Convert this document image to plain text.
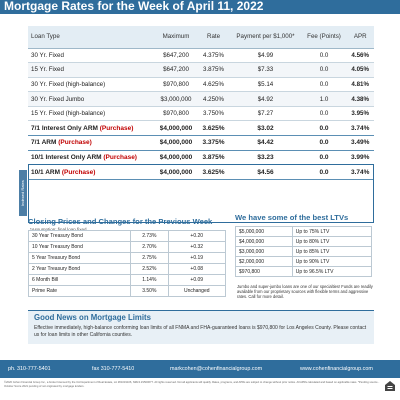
Mortgage Rates for the Week of April 11, 2022
Loan Type	Maximum	Rate	Payment per $1,000*	Fee (Points)	APR
30 Yr. Fixed	$647,200	4.375%	$4.99	0.0	4.56%
15 Yr. Fixed	$647,200	3.875%	$7.33	0.0	4.05%
30 Yr. Fixed (high-balance)	$970,800	4.625%	$5.14	0.0	4.81%
30 Yr. Fixed Jumbo	$3,000,000	4.250%	$4.92	1.0	4.38%
15 Yr. Fixed (high-balance)	$970,800	3.750%	$7.27	0.0	3.95%
7/1 Interest Only ARM (Purchase)	$4,000,000	3.625%	$3.02	0.0	3.74%
7/1 ARM (Purchase)	$4,000,000	3.375%	$4.42	0.0	3.49%
10/1 Interest Only ARM (Purchase)	$4,000,000	3.875%	$3.23	0.0	3.99%
10/1 ARM (Purchase)	$4,000,000	3.625%	$4.56	0.0	3.74%
Indexed Rates
*Assumption: final loan fixed
Closing Prices and Changes for the Previous Week
30 Year Treasury Bond	2.73%	+0.20
10 Year Treasury Bond	2.70%	+0.32
5 Year Treasury Bond	2.75%	+0.19
2 Year Treasury Bond	2.52%	+0.08
6 Month Bill	1.14%	+0.09
Prime Rate	3.50%	Unchanged
We have some of the best LTVs
$5,000,000	Up to 75% LTV
$4,000,000	Up to 80% LTV
$3,000,000	Up to 85% LTV
$2,000,000	Up to 90% LTV
$970,800	Up to 96.5% LTV
Jumbo and super-jumbo loans are one of our specialties! Funds are readily available from our proprietary sources with flexible terms and aggressive rates. Call for more detail.
Good News on Mortgage Limits
Effective immediately, high-balance conforming loan limits of all FNMA and FHA-guaranteed loans is $970,800 for Los Angeles County. Please contact us for loan limits in other California counties.
ph. 310-777-5401	fax 310-777-5410	markcohen@cohenfinancialgroup.com	www.cohenfinancialgroup.com
©2020 Cohen Financial Group Inc., a broker licensed by the CA Department of Real Estate, Lic #01019106, NMLS #1500677. All rights reserved. Not all applicants will qualify. Rates, programs, and APRs are subject to change without prior notice. All APRs calculated and based on applicable rates. *Pending source - October Score 2021 pending of not originated by mortgage lenders.
